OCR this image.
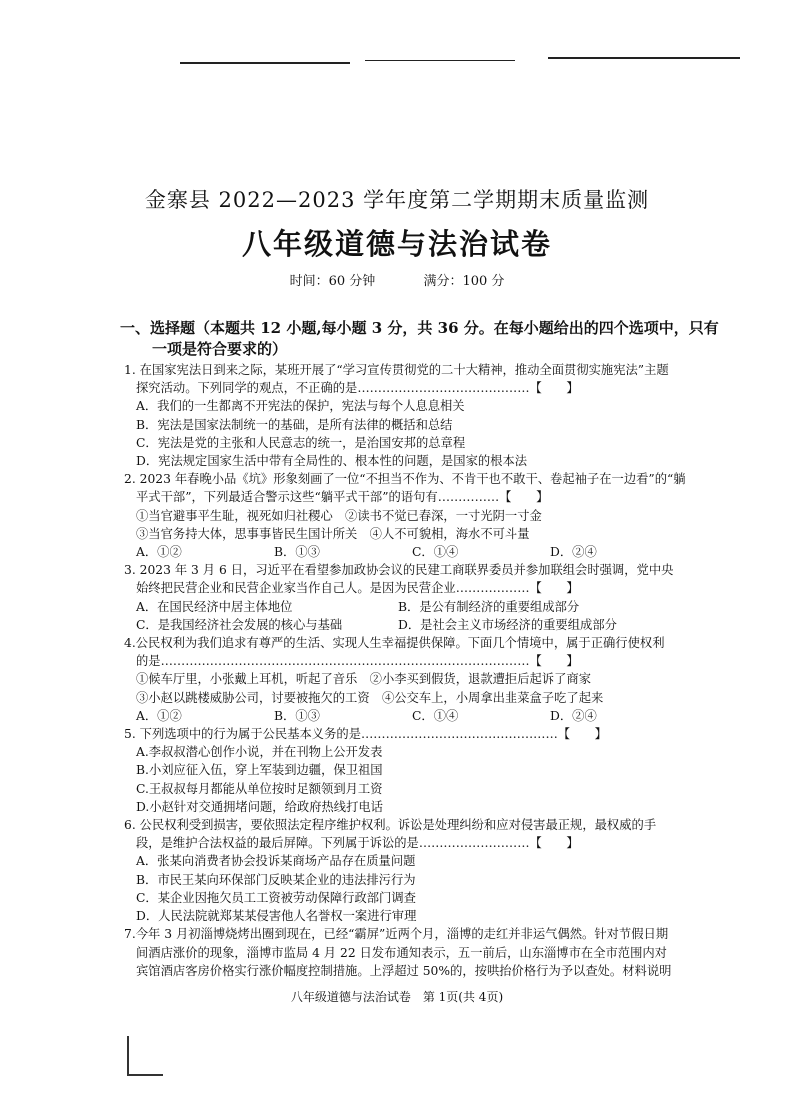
金寨县 2022—2023 学年度第二学期期末质量监测
八年级道德与法治试卷
时间：60 分钟	满分：100 分
一、选择题（本题共 12 小题,每小题 3 分，共 36 分。在每小题给出的四个选项中，只有
一项是符合要求的）
1. 在国家宪法日到来之际，某班开展了“学习宣传贯彻党的二十大精神，推动全面贯彻实施宪法”主题
探究活动。下列同学的观点，不正确的是……………………………………【　　】
A．我们的一生都离不开宪法的保护，宪法与每个人息息相关
B．宪法是国家法制统一的基础，是所有法律的概括和总结
C．宪法是党的主张和人民意志的统一，是治国安邦的总章程
D．宪法规定国家生活中带有全局性的、根本性的问题，是国家的根本法
2. 2023 年春晚小品《坑》形象刻画了一位“不担当不作为、不肯干也不敢干、卷起袖子在一边看”的“躺
平式干部”，下列最适合警示这些“躺平式干部”的语句有……………【　　】
①当官避事平生耻，视死如归社稷心　②读书不觉已春深，一寸光阴一寸金
③当官务持大体，思事事皆民生国计所关　④人不可貌相，海水不可斗量
A．①②	B．①③	C．①④	D．②④
3. 2023 年 3 月 6 日，习近平在看望参加政协会议的民建工商联界委员并参加联组会时强调，党中央
始终把民营企业和民营企业家当作自己人。是因为民营企业………………【　　】
A．在国民经济中居主体地位	B．是公有制经济的重要组成部分
C．是我国经济社会发展的核心与基础	D．是社会主义市场经济的重要组成部分
4.公民权利为我们追求有尊严的生活、实现人生幸福提供保障。下面几个情境中，属于正确行使权利
的是………………………………………………………………………………【　　】
①候车厅里，小张戴上耳机，听起了音乐　②小李买到假货，退款遭拒后起诉了商家
③小赵以跳楼威胁公司，讨要被拖欠的工资　④公交车上，小周拿出韭菜盒子吃了起来
A．①②	B．①③	C．①④	D．②④
5. 下列选项中的行为属于公民基本义务的是…………………………………………【　　】
A.李叔叔潜心创作小说，并在刊物上公开发表
B.小刘应征入伍，穿上军装到边疆，保卫祖国
C.王叔叔每月都能从单位按时足额领到月工资
D.小赵针对交通拥堵问题，给政府热线打电话
6. 公民权利受到损害，要依照法定程序维护权利。诉讼是处理纠纷和应对侵害最正规，最权威的手
段，是维护合法权益的最后屏障。下列属于诉讼的是………………………【　　】
A．张某向消费者协会投诉某商场产品存在质量问题
B．市民王某向环保部门反映某企业的违法排污行为
C．某企业因拖欠员工工资被劳动保障行政部门调查
D．人民法院就郑某某侵害他人名誉权一案进行审理
7.今年 3 月初淄博烧烤出圈到现在，已经“霸屏”近两个月，淄博的走红并非运气偶然。针对节假日期
间酒店涨价的现象，淄博市监局 4 月 22 日发布通知表示，五一前后，山东淄博市在全市范围内对
宾馆酒店客房价格实行涨价幅度控制措施。上浮超过 50%的，按哄抬价格行为予以查处。材料说明
八年级道德与法治试卷　第 1页(共 4页)
